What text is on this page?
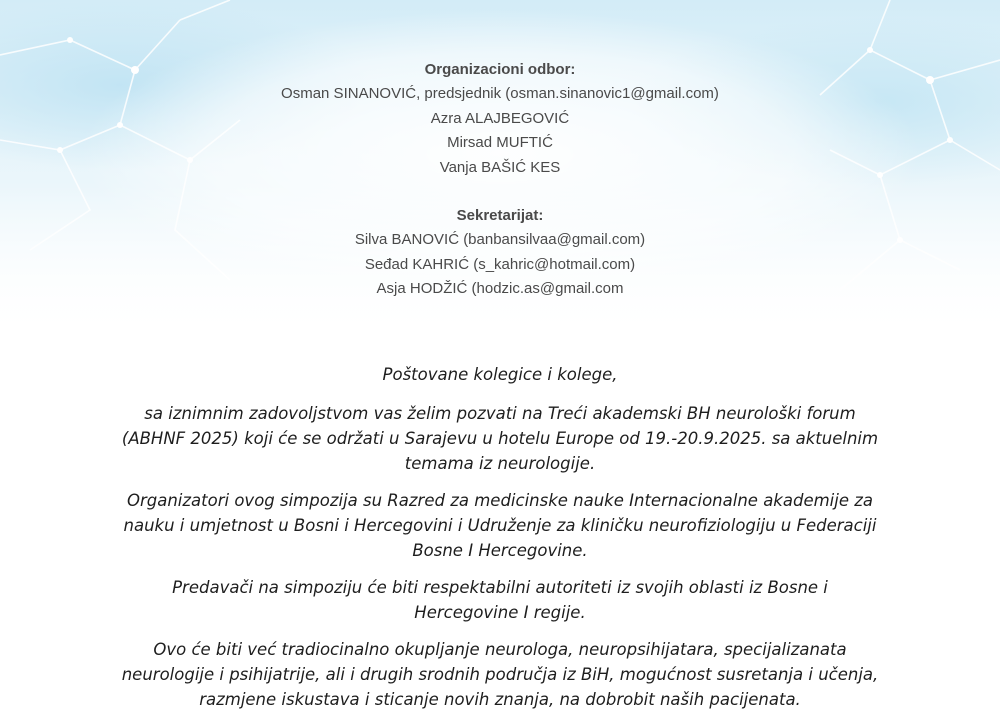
Organizacioni odbor:
Osman SINANOVIĆ, predsjednik (osman.sinanovic1@gmail.com)
Azra ALAJBEGOVIĆ
Mirsad MUFTIĆ
Vanja BAŠIĆ KES
Sekretarijat:
Silva BANOVIĆ (banbansilvaa@gmail.com)
Seđad KAHRIĆ (s_kahric@hotmail.com)
Asja HODŽIĆ (hodzic.as@gmail.com

Poštovane kolegice i kolege,

sa iznimnim zadovoljstvom vas želim pozvati na Treći akademski BH neurološki forum (ABHNF 2025) koji će se održati u Sarajevu u hotelu Europe od 19.-20.9.2025. sa aktuelnim temama iz neurologije.

Organizatori ovog simpozija su Razred za medicinske nauke Internacionalne akademije za nauku i umjetnost u Bosni i Hercegovini i Udruženje za kliničku neurofiziologiju u Federaciji Bosne I Hercegovine.

Predavači na simpoziju će biti respektabilni autoriteti iz svojih oblasti iz Bosne i Hercegovine I regije.

Ovo će biti već tradiocinalno okupljanje neurologa, neuropsihijatara, specijalizanata neurologije i psihijatrije, ali i drugih srodnih područja iz BiH, mogućnost susretanja i učenja, razmjene iskustava i sticanje novih znanja, na dobrobit naših pacijenata.
